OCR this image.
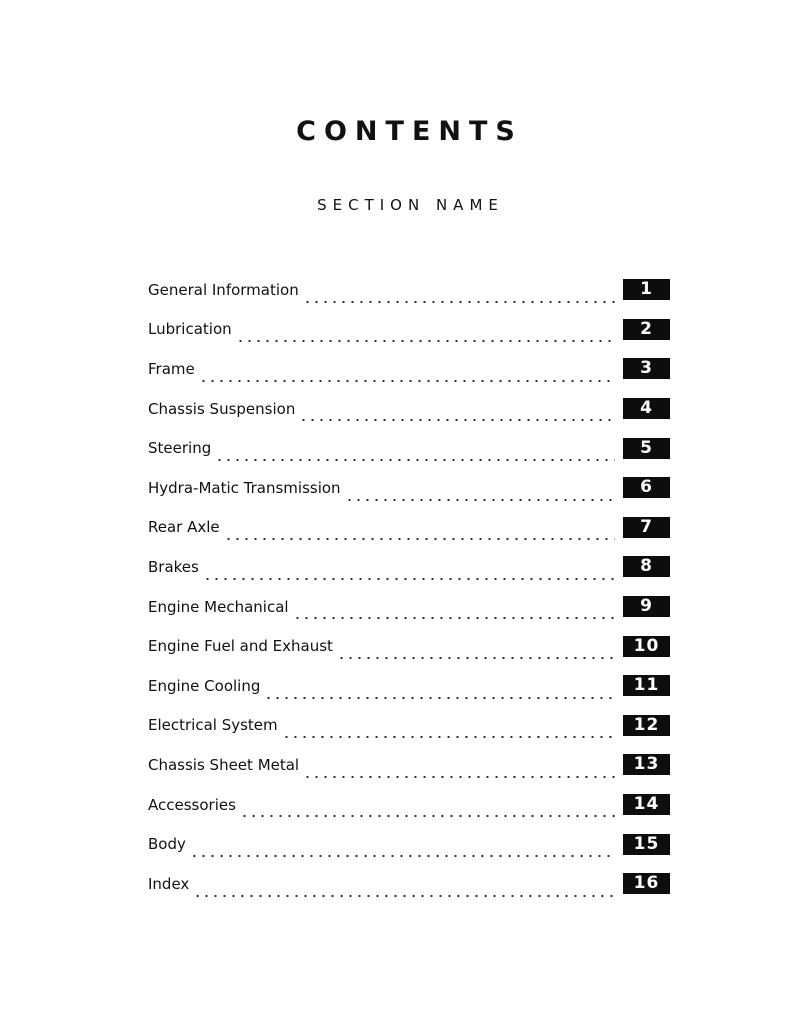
CONTENTS
SECTION NAME
General Information	1
Lubrication	2
Frame	3
Chassis Suspension	4
Steering	5
Hydra-Matic Transmission	6
Rear Axle	7
Brakes	8
Engine Mechanical	9
Engine Fuel and Exhaust	10
Engine Cooling	11
Electrical System	12
Chassis Sheet Metal	13
Accessories	14
Body	15
Index	16
